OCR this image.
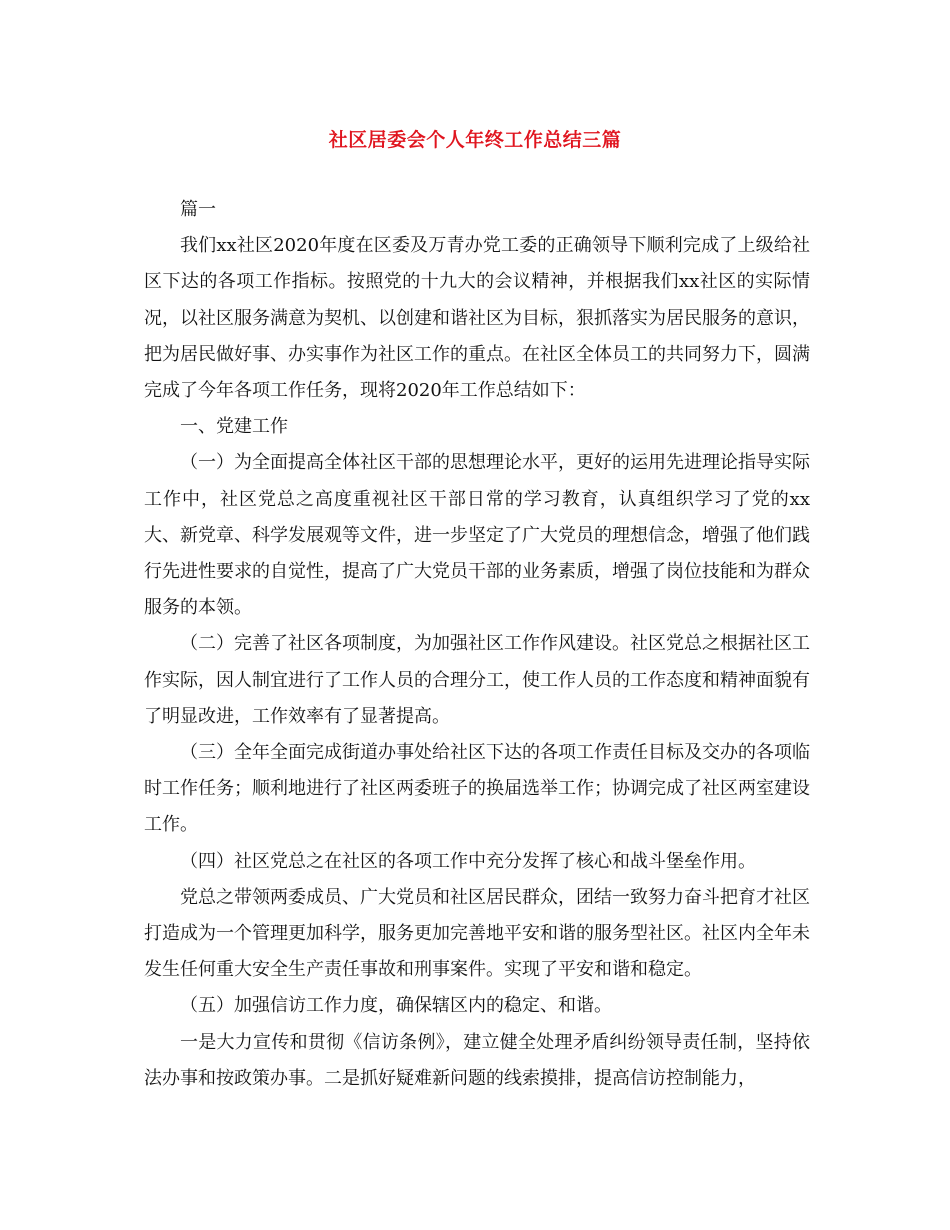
社区居委会个人年终工作总结三篇

篇一

我们xx社区2020年度在区委及万青办党工委的正确领导下顺利完成了上级给社区下达的各项工作指标。按照党的十九大的会议精神，并根据我们xx社区的实际情况，以社区服务满意为契机、以创建和谐社区为目标，狠抓落实为居民服务的意识，把为居民做好事、办实事作为社区工作的重点。在社区全体员工的共同努力下，圆满完成了今年各项工作任务，现将2020年工作总结如下：

一、党建工作

（一）为全面提高全体社区干部的思想理论水平，更好的运用先进理论指导实际工作中，社区党总之高度重视社区干部日常的学习教育，认真组织学习了党的xx大、新党章、科学发展观等文件，进一步坚定了广大党员的理想信念，增强了他们践行先进性要求的自觉性，提高了广大党员干部的业务素质，增强了岗位技能和为群众服务的本领。

（二）完善了社区各项制度，为加强社区工作作风建设。社区党总之根据社区工作实际，因人制宜进行了工作人员的合理分工，使工作人员的工作态度和精神面貌有了明显改进，工作效率有了显著提高。

（三）全年全面完成街道办事处给社区下达的各项工作责任目标及交办的各项临时工作任务；顺利地进行了社区两委班子的换届选举工作；协调完成了社区两室建设工作。

（四）社区党总之在社区的各项工作中充分发挥了核心和战斗堡垒作用。

党总之带领两委成员、广大党员和社区居民群众，团结一致努力奋斗把育才社区打造成为一个管理更加科学，服务更加完善地平安和谐的服务型社区。社区内全年未发生任何重大安全生产责任事故和刑事案件。实现了平安和谐和稳定。

（五）加强信访工作力度，确保辖区内的稳定、和谐。

一是大力宣传和贯彻《信访条例》，建立健全处理矛盾纠纷领导责任制，坚持依法办事和按政策办事。二是抓好疑难新问题的线索摸排，提高信访控制能力，
